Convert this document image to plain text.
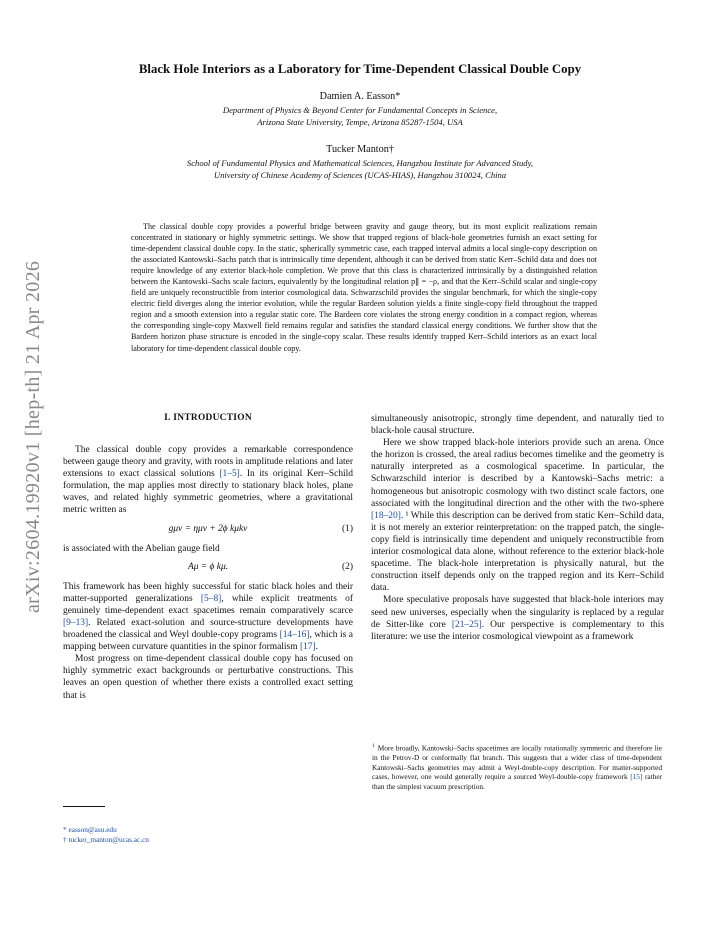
arXiv:2604.19920v1 [hep-th] 21 Apr 2026
Black Hole Interiors as a Laboratory for Time-Dependent Classical Double Copy
Damien A. Easson*
Department of Physics & Beyond Center for Fundamental Concepts in Science,
Arizona State University, Tempe, Arizona 85287-1504, USA
Tucker Manton†
School of Fundamental Physics and Mathematical Sciences, Hangzhou Institute for Advanced Study,
University of Chinese Academy of Sciences (UCAS-HIAS), Hangzhou 310024, China
The classical double copy provides a powerful bridge between gravity and gauge theory, but its most explicit realizations remain concentrated in stationary or highly symmetric settings. We show that trapped regions of black-hole geometries furnish an exact setting for time-dependent classical double copy. In the static, spherically symmetric case, each trapped interval admits a local single-copy description on the associated Kantowski–Sachs patch that is intrinsically time dependent, although it can be derived from static Kerr–Schild data and does not require knowledge of any exterior black-hole completion. We prove that this class is characterized intrinsically by a distinguished relation between the Kantowski–Sachs scale factors, equivalently by the longitudinal relation p∥ = −ρ, and that the Kerr–Schild scalar and single-copy field are uniquely reconstructible from interior cosmological data. Schwarzschild provides the singular benchmark, for which the single-copy electric field diverges along the interior evolution, while the regular Bardeen solution yields a finite single-copy field throughout the trapped region and a smooth extension into a regular static core. The Bardeen core violates the strong energy condition in a compact region, whereas the corresponding single-copy Maxwell field remains regular and satisfies the standard classical energy conditions. We further show that the Bardeen horizon phase structure is encoded in the single-copy scalar. These results identify trapped Kerr–Schild interiors as an exact local laboratory for time-dependent classical double copy.
I. INTRODUCTION

The classical double copy provides a remarkable correspondence between gauge theory and gravity, with roots in amplitude relations and later extensions to exact classical solutions [1–5]. In its original Kerr–Schild formulation, the map applies most directly to stationary black holes, plane waves, and related highly symmetric geometries, where a gravitational metric written as

gμν = ημν + 2ϕ kμkν	(1)

is associated with the Abelian gauge field

Aμ = ϕ kμ.	(2)

This framework has been highly successful for static black holes and their matter-supported generalizations [5–8], while explicit treatments of genuinely time-dependent exact spacetimes remain comparatively scarce [9–13]. Related exact-solution and source-structure developments have broadened the classical and Weyl double-copy programs [14–16], which is a mapping between curvature quantities in the spinor formalism [17].

Most progress on time-dependent classical double copy has focused on highly symmetric exact backgrounds or perturbative constructions. This leaves an open question of whether there exists a controlled exact setting that is

simultaneously anisotropic, strongly time dependent, and naturally tied to black-hole causal structure.

Here we show trapped black-hole interiors provide such an arena. Once the horizon is crossed, the areal radius becomes timelike and the geometry is naturally interpreted as a cosmological spacetime. In particular, the Schwarzschild interior is described by a Kantowski–Sachs metric: a homogeneous but anisotropic cosmology with two distinct scale factors, one associated with the longitudinal direction and the other with the two-sphere [18–20]. ¹ While this description can be derived from static Kerr–Schild data, it is not merely an exterior reinterpretation: on the trapped patch, the single-copy field is intrinsically time dependent and uniquely reconstructible from interior cosmological data alone, without reference to the exterior black-hole spacetime. The black-hole interpretation is physically natural, but the construction itself depends only on the trapped region and its Kerr–Schild data.

More speculative proposals have suggested that black-hole interiors may seed new universes, especially when the singularity is replaced by a regular de Sitter-like core [21–25]. Our perspective is complementary to this literature: we use the interior cosmological viewpoint as a framework

$^1$ More broadly, Kantowski–Sachs spacetimes are locally rotationally symmetric and therefore lie in the Petrov-D or conformally flat branch. This suggests that a wider class of time-dependent Kantowski–Sachs geometries may admit a Weyl-double-copy description. For matter-supported cases, however, one would generally require a sourced Weyl-double-copy framework [15] rather than the simplest vacuum prescription.
* easson@asu.edu
† tucker_manton@ucas.ac.cn
